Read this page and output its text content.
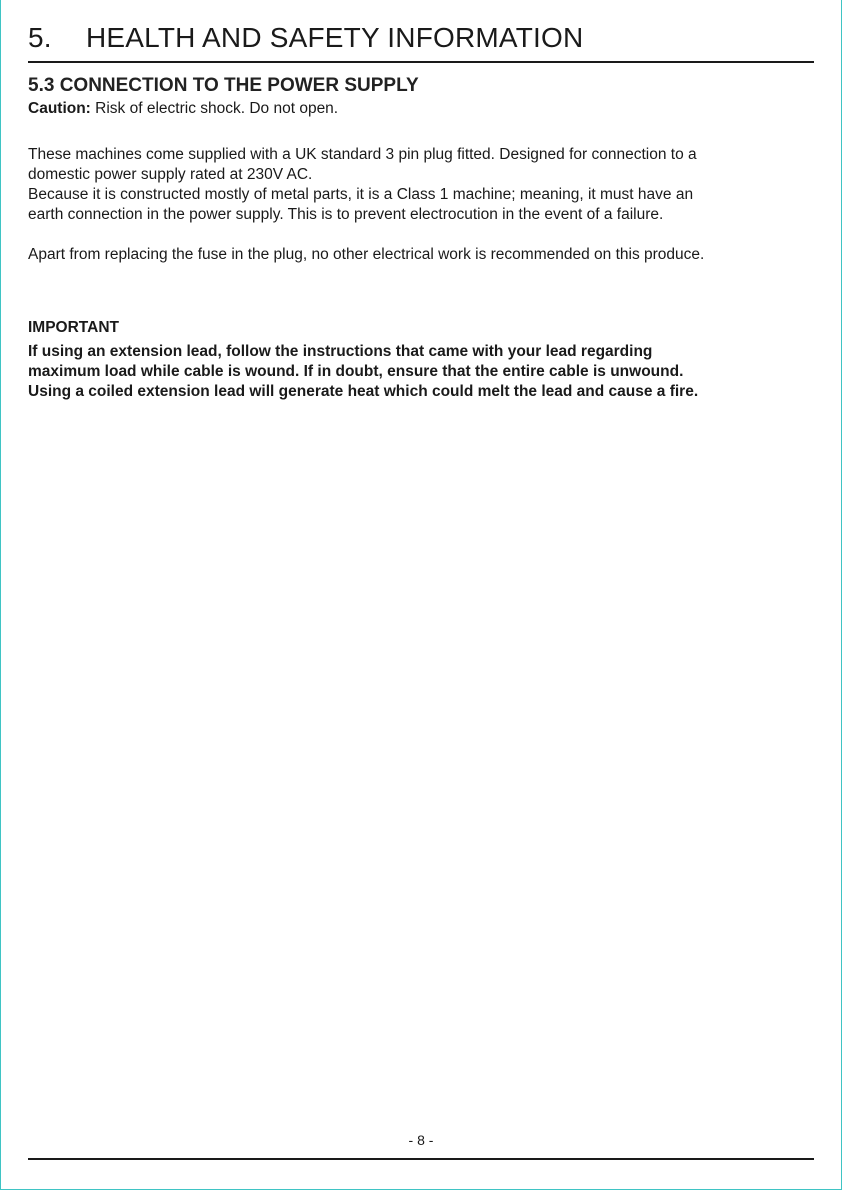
5. HEALTH AND SAFETY INFORMATION
5.3 CONNECTION TO THE POWER SUPPLY

Caution: Risk of electric shock. Do not open.

These machines come supplied with a UK standard 3 pin plug fitted. Designed for connection to a
domestic power supply rated at 230V AC.
Because it is constructed mostly of metal parts, it is a Class 1 machine; meaning, it must have an
earth connection in the power supply. This is to prevent electrocution in the event of a failure.

Apart from replacing the fuse in the plug, no other electrical work is recommended on this produce.

IMPORTANT

If using an extension lead, follow the instructions that came with your lead regarding
maximum load while cable is wound. If in doubt, ensure that the entire cable is unwound.
Using a coiled extension lead will generate heat which could melt the lead and cause a fire.

- 8 -
